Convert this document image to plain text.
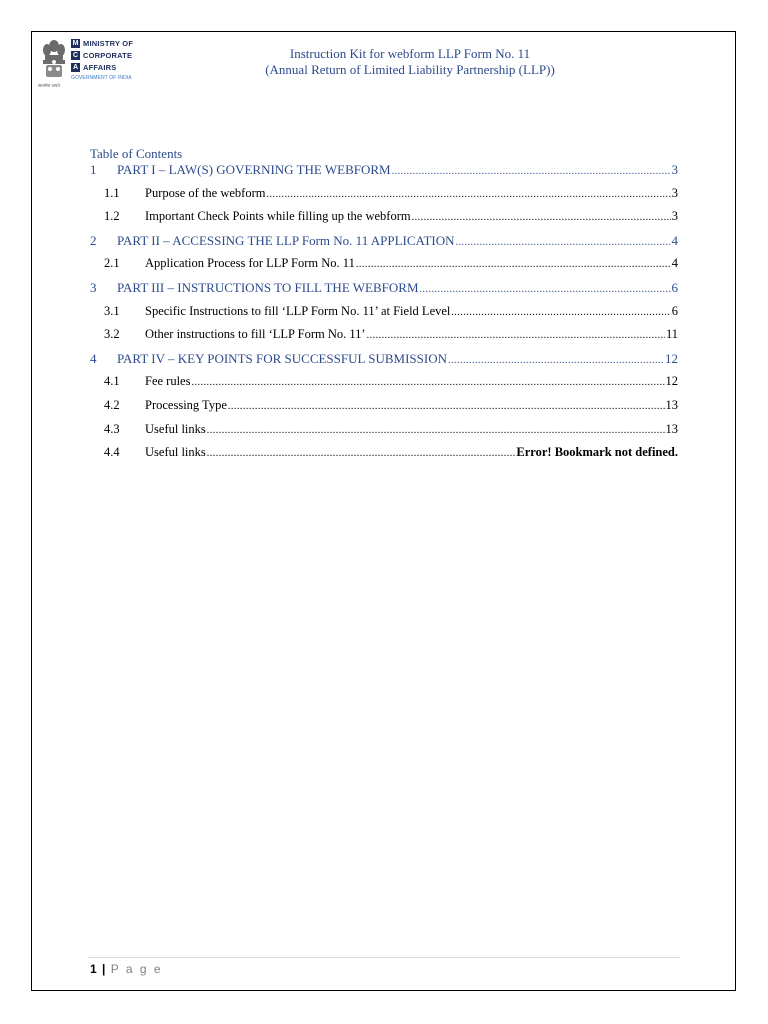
सत्यमेव जयते
M MINISTRY OF
C CORPORATE
A AFFAIRS
GOVERNMENT OF INDIA
Instruction Kit for webform LLP Form No. 11
(Annual Return of Limited Liability Partnership (LLP))
Table of Contents
1	PART I – LAW(S) GOVERNING THE WEBFORM .....	3
1.1	Purpose of the webform .....	3
1.2	Important Check Points while filling up the webform .....	3
2	PART II – ACCESSING THE LLP Form No. 11 APPLICATION .....	4
2.1	Application Process for LLP Form No. 11 .....	4
3	PART III – INSTRUCTIONS TO FILL THE WEBFORM .....	6
3.1	Specific Instructions to fill ‘LLP Form No. 11’ at Field Level .....	6
3.2	Other instructions to fill ‘LLP Form No. 11’ .....	11
4	PART IV – KEY POINTS FOR SUCCESSFUL SUBMISSION .....	12
4.1	Fee rules .....	12
4.2	Processing Type .....	13
4.3	Useful links .....	13
4.4	Useful links .....	Error! Bookmark not defined.
1 | P a g e
